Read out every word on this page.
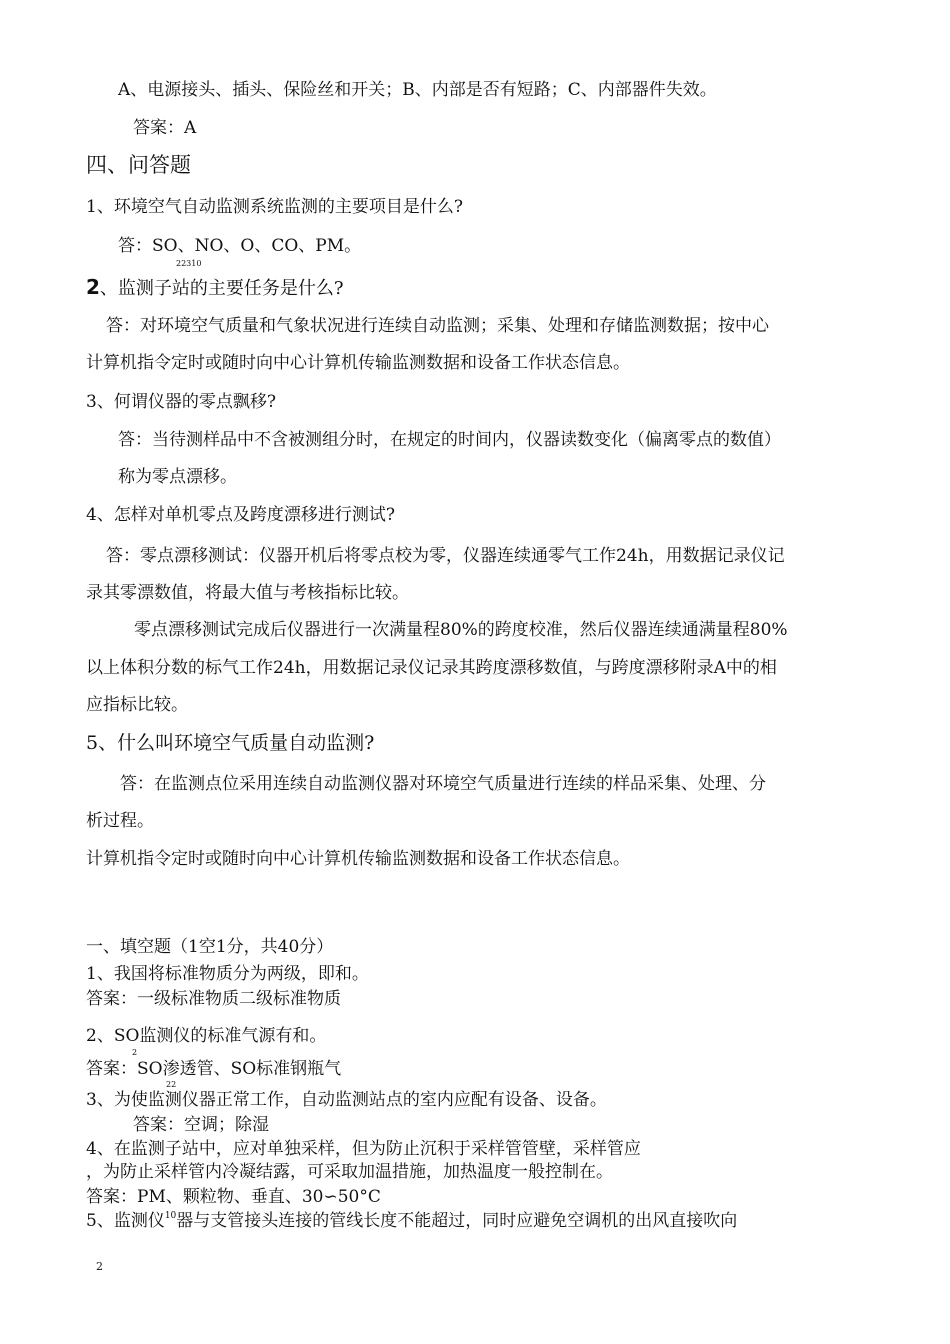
A、电源接头、插头、保险丝和开关；B、内部是否有短路；C、内部器件失效。
答案：A
四、问答题
1、环境空气自动监测系统监测的主要项目是什么?
答：SO、NO、O、CO、PM。
22310
2、监测子站的主要任务是什么?
答：对环境空气质量和气象状况进行连续自动监测；采集、处理和存储监测数据；按中心
计算机指令定时或随时向中心计算机传输监测数据和设备工作状态信息。
3、何谓仪器的零点飘移?
答：当待测样品中不含被测组分时，在规定的时间内，仪器读数变化（偏离零点的数值）
称为零点漂移。
4、怎样对单机零点及跨度漂移进行测试?
答：零点漂移测试：仪器开机后将零点校为零，仪器连续通零气工作24h，用数据记录仪记
录其零漂数值，将最大值与考核指标比较。
零点漂移测试完成后仪器进行一次满量程80%的跨度校准，然后仪器连续通满量程80%
以上体积分数的标气工作24h，用数据记录仪记录其跨度漂移数值，与跨度漂移附录A中的相
应指标比较。
5、什么叫环境空气质量自动监测?
答：在监测点位采用连续自动监测仪器对环境空气质量进行连续的样品采集、处理、分
析过程。
计算机指令定时或随时向中心计算机传输监测数据和设备工作状态信息。
一、填空题（1空1分，共40分）
1、我国将标准物质分为两级，即和。
答案：一级标准物质二级标准物质
2、SO监测仪的标准气源有和。
2
答案：SO渗透管、SO标准钢瓶气
22
3、为使监测仪器正常工作，自动监测站点的室内应配有设备、设备。
答案：空调；除湿
4、在监测子站中，应对单独采样，但为防止沉积于采样管管壁，采样管应
，为防止采样管内冷凝结露，可采取加温措施，加热温度一般控制在。
答案：PM、颗粒物、垂直、30∽50°C
5、监测仪$^{10}$器与支管接头连接的管线长度不能超过，同时应避免空调机的出风直接吹向
2
